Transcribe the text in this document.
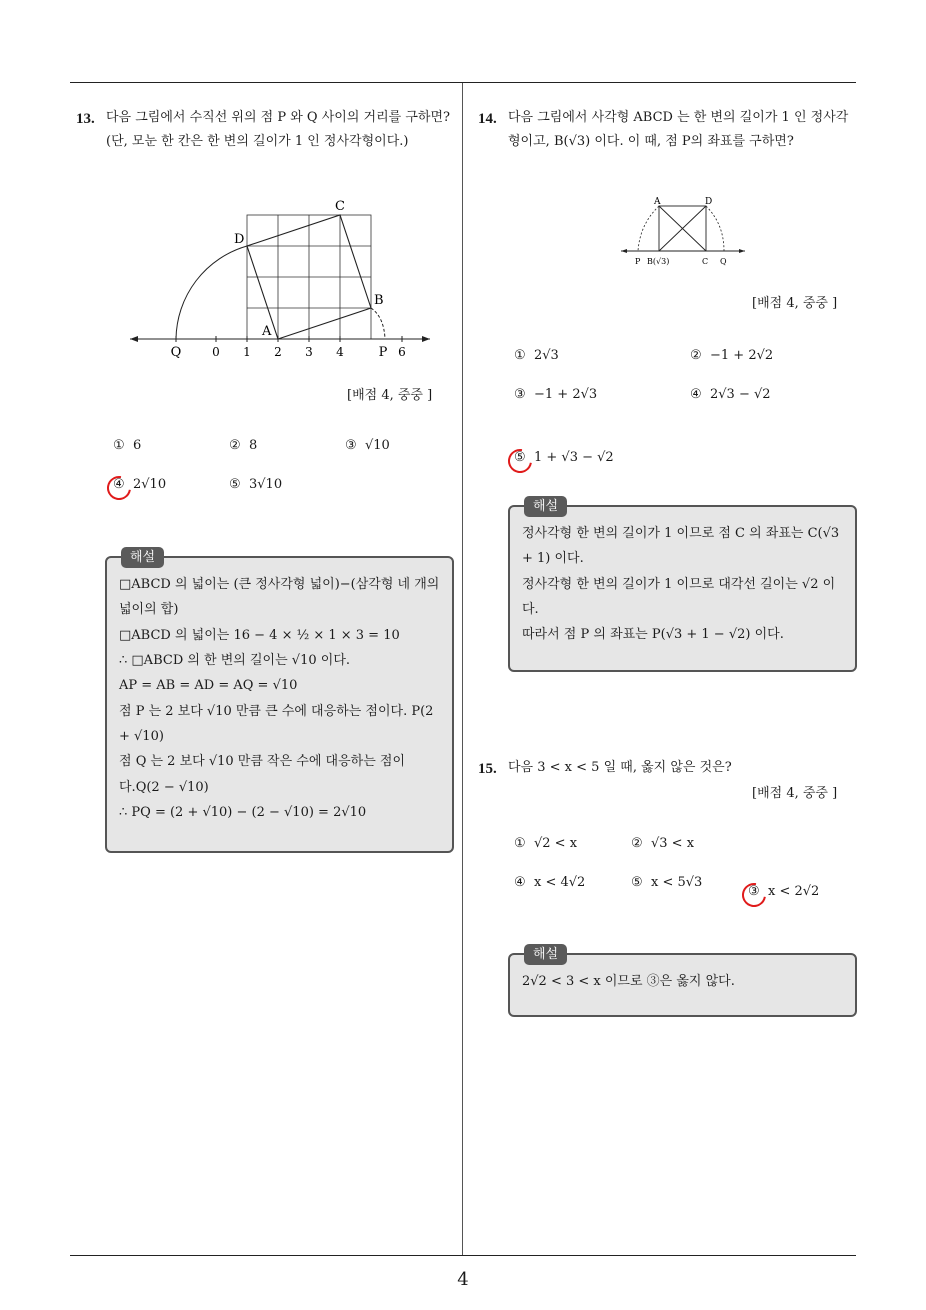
4
13. 다음 그림에서 수직선 위의 점 P 와 Q 사이의 거리를 구하면? (단, 모눈 한 칸은 한 변의 길이가 1 인 정사각형이다.)
Q	0 1 2 3 4	P 6
A
B
C
D
[배점 4, 중중 ]
① 6	② 8	③ √10
④ 2√10	⑤ 3√10
해설

□ABCD 의 넓이는 (큰 정사각형 넓이)−(삼각형 네 개의 넓이의 합)

□ABCD 의 넓이는 16 − 4 × ½ × 1 × 3 = 10

∴ □ABCD 의 한 변의 길이는 √10 이다.

AP = AB = AD = AQ = √10

점 P 는 2 보다 √10 만큼 큰 수에 대응하는 점이다. P(2 + √10)

점 Q 는 2 보다 √10 만큼 작은 수에 대응하는 점이다.Q(2 − √10)

∴ PQ = (2 + √10) − (2 − √10) = 2√10

14. 다음 그림에서 사각형 ABCD 는 한 변의 길이가 1 인 정사각형이고, B(√3) 이다. 이 때, 점 P의 좌표를 구하면?
A	D
P B(√3)	C Q
[배점 4, 중중 ]
① 2√3	② −1 + 2√2
③ −1 + 2√3	④ 2√3 − √2
⑤ 1 + √3 − √2
해설

정사각형 한 변의 길이가 1 이므로 점 C 의 좌표는 C(√3 + 1) 이다.

정사각형 한 변의 길이가 1 이므로 대각선 길이는 √2 이다.

따라서 점 P 의 좌표는 P(√3 + 1 − √2) 이다.

15. 다음 3 < x < 5 일 때, 옳지 않은 것은?
[배점 4, 중중 ]
① √2 < x	② √3 < x
③ x < 2√2
④ x < 4√2	⑤ x < 5√3
해설

2√2 < 3 < x 이므로 ③은 옳지 않다.
